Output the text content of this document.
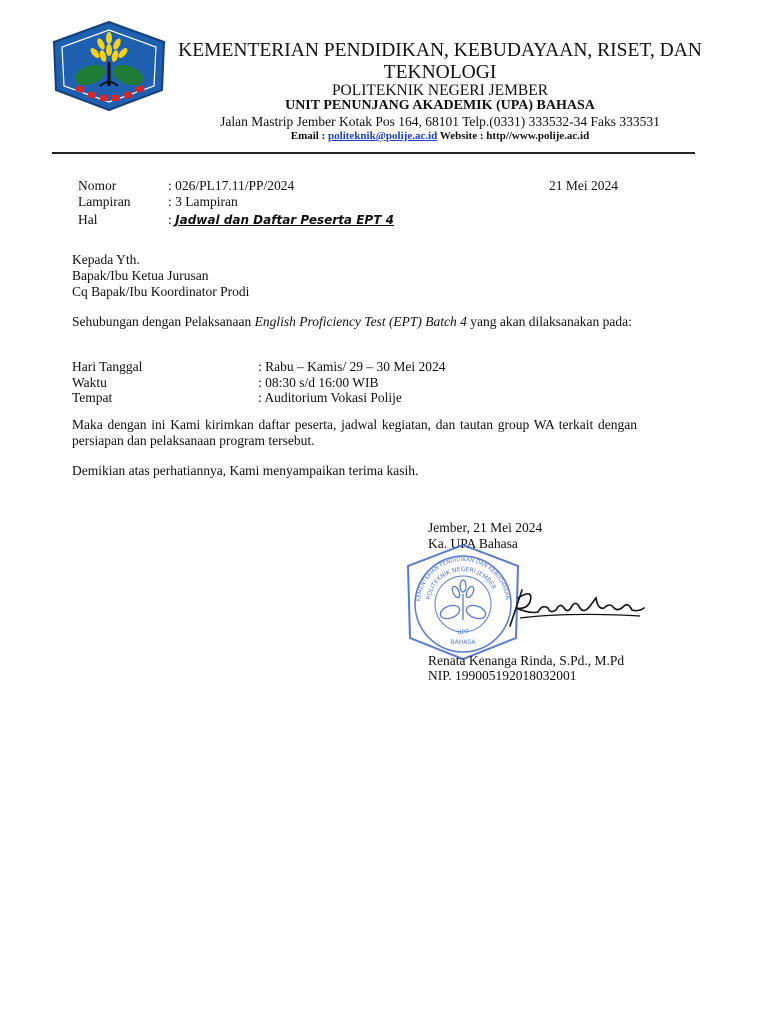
KEMENTERIAN PENDIDIKAN, KEBUDAYAAN, RISET, DAN TEKNOLOGI
POLITEKNIK NEGERI JEMBER
UNIT PENUNJANG AKADEMIK (UPA) BAHASA
Jalan Mastrip Jember Kotak Pos 164, 68101 Telp.(0331) 333532-34 Faks 333531
Email : politeknik@polije.ac.id Website : http//www.polije.ac.id
Nomor	: 026/PL17.11/PP/2024	21 Mei 2024
Lampiran	: 3 Lampiran
Hal	: Jadwal dan Daftar Peserta EPT 4
Kepada Yth.
Bapak/Ibu Ketua Jurusan
Cq Bapak/Ibu Koordinator Prodi
Sehubungan dengan Pelaksanaan English Proficiency Test (EPT) Batch 4 yang akan dilaksanakan pada:
Hari Tanggal	: Rabu – Kamis/ 29 – 30 Mei 2024
Waktu	: 08:30 s/d 16:00 WIB
Tempat	: Auditorium Vokasi Polije
Maka dengan ini Kami kirimkan daftar peserta, jadwal kegiatan, dan tautan group WA terkait dengan persiapan dan pelaksanaan program tersebut.
Demikian atas perhatiannya, Kami menyampaikan terima kasih.
Jember, 21 Mei 2024
Ka. UPA Bahasa
KEMENTERIAN PENDIDIKAN DAN KEBUDAYAAN
POLITEKNIK NEGERI JEMBER
UPT
BAHASA
Renata Kenanga Rinda, S.Pd., M.Pd
NIP. 199005192018032001
